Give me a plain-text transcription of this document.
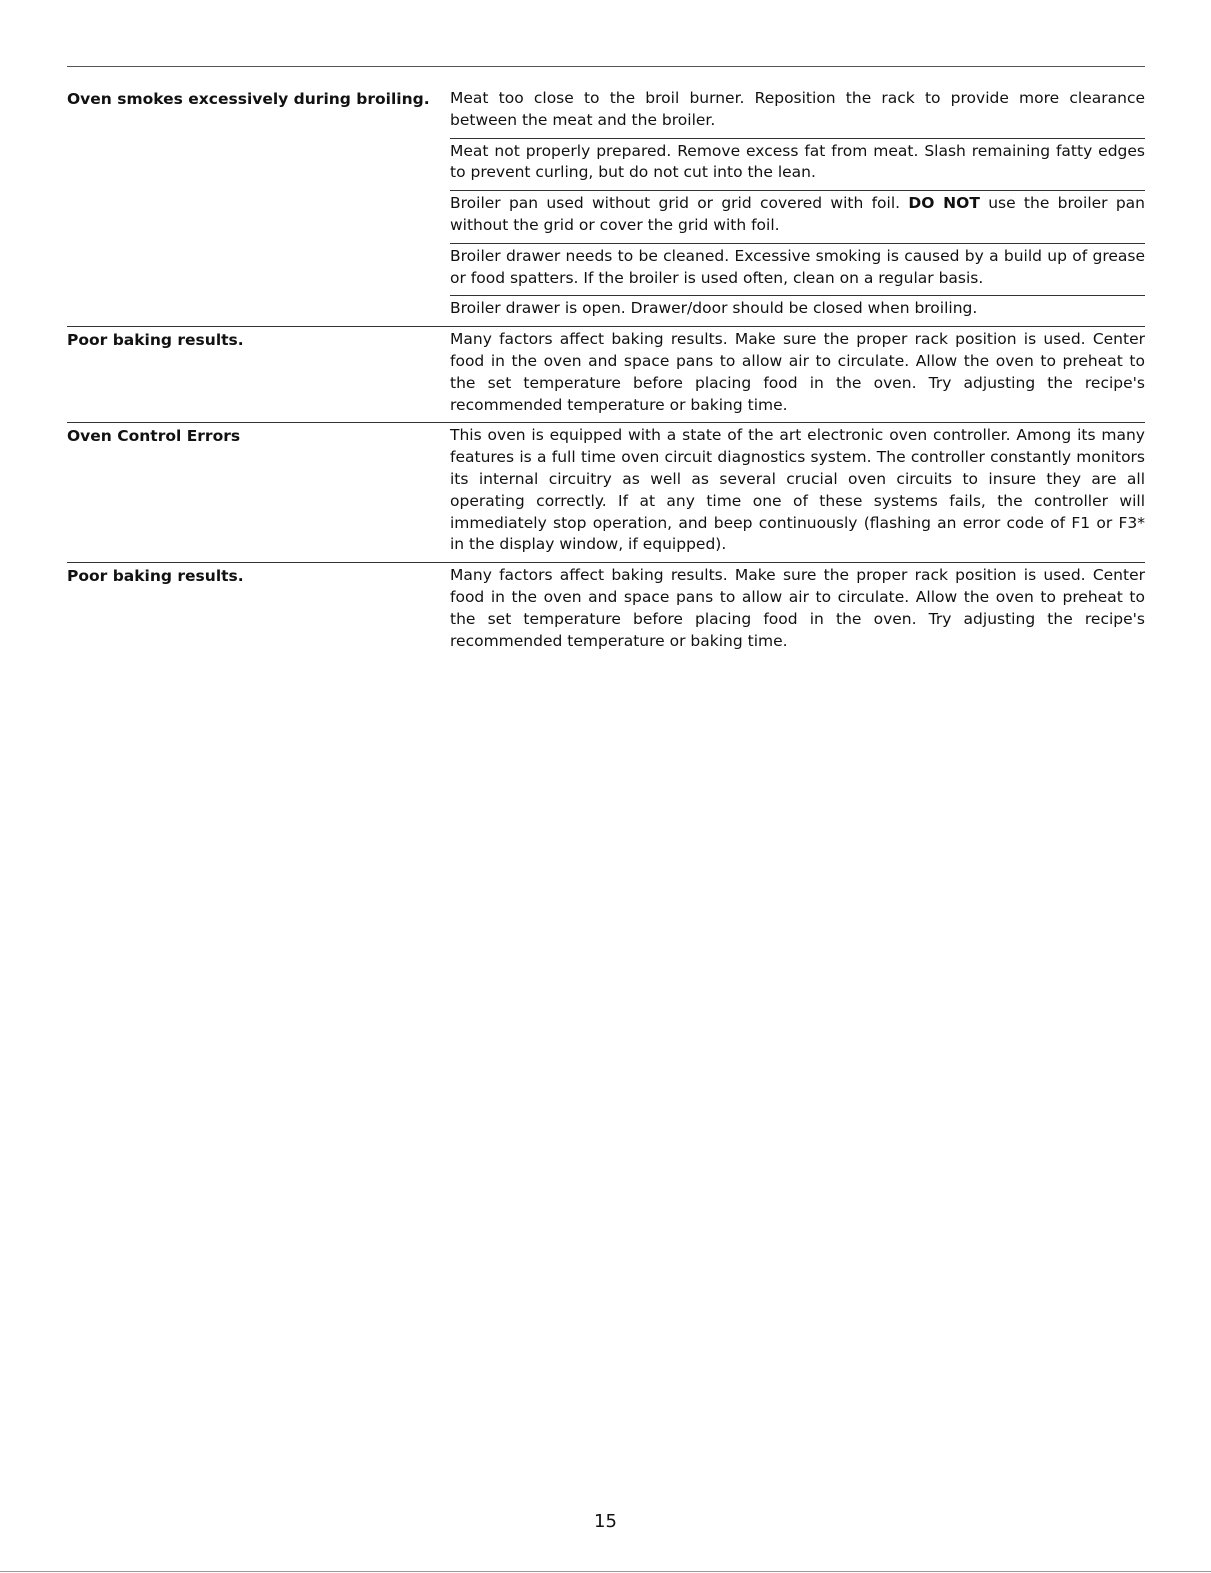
Oven smokes excessively during broiling.	Meat too close to the broil burner. Reposition the rack to provide more clearance between the meat and the broiler.
Meat not properly prepared. Remove excess fat from meat. Slash remaining fatty edges to prevent curling, but do not cut into the lean.
Broiler pan used without grid or grid covered with foil. DO NOT use the broiler pan without the grid or cover the grid with foil.
Broiler drawer needs to be cleaned. Excessive smoking is caused by a build up of grease or food spatters. If the broiler is used often, clean on a regular basis.
Broiler drawer is open. Drawer/door should be closed when broiling.
Poor baking results.	Many factors affect baking results. Make sure the proper rack position is used. Center food in the oven and space pans to allow air to circulate. Allow the oven to preheat to the set temperature before placing food in the oven. Try adjusting the recipe's recommended temperature or baking time.
Oven Control Errors	This oven is equipped with a state of the art electronic oven controller. Among its many features is a full time oven circuit diagnostics system. The controller constantly monitors its internal circuitry as well as several crucial oven circuits to insure they are all operating correctly. If at any time one of these systems fails, the controller will immediately stop operation, and beep continuously (flashing an error code of F1 or F3* in the display window, if equipped).
Poor baking results.	Many factors affect baking results. Make sure the proper rack position is used. Center food in the oven and space pans to allow air to circulate. Allow the oven to preheat to the set temperature before placing food in the oven. Try adjusting the recipe's recommended temperature or baking time.
15
